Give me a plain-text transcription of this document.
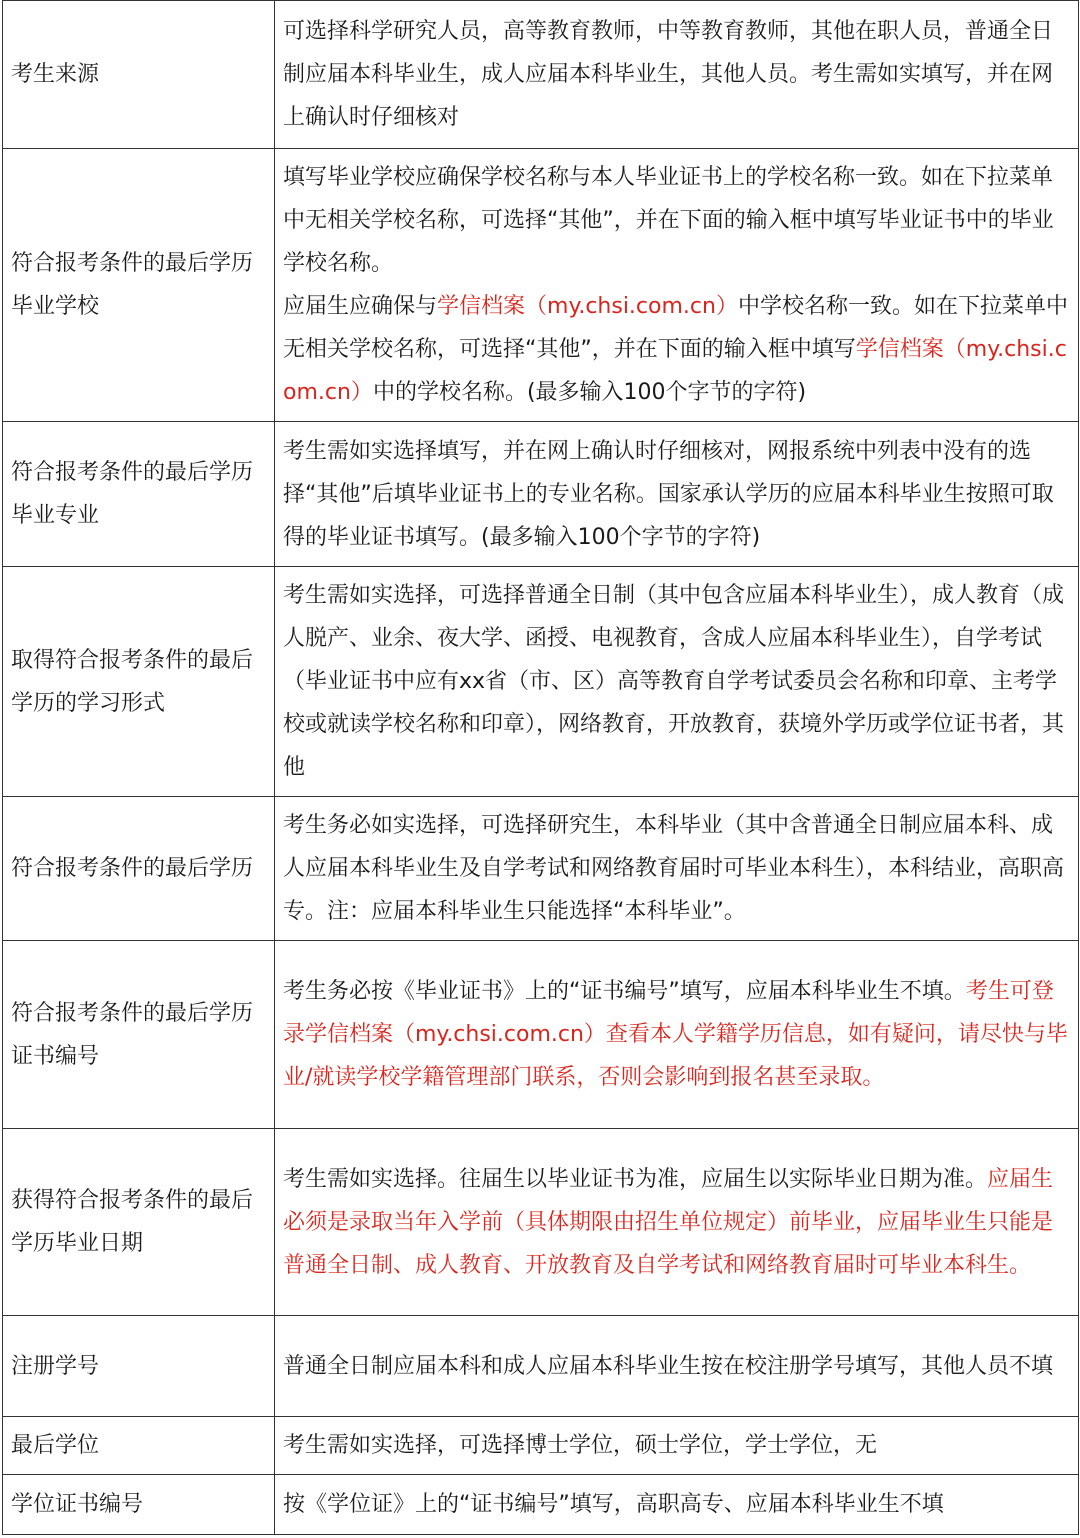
考生来源	可选择科学研究人员，高等教育教师，中等教育教师，其他在职人员，普通全日制应届本科毕业生，成人应届本科毕业生，其他人员。考生需如实填写，并在网上确认时仔细核对
符合报考条件的最后学历毕业学校	填写毕业学校应确保学校名称与本人毕业证书上的学校名称一致。如在下拉菜单中无相关学校名称，可选择“其他”，并在下面的输入框中填写毕业证书中的毕业学校名称。
应届生应确保与学信档案（my.chsi.com.cn）中学校名称一致。如在下拉菜单中无相关学校名称，可选择“其他”，并在下面的输入框中填写学信档案（my.chsi.com.cn）中的学校名称。(最多输入100个字节的字符)
符合报考条件的最后学历毕业专业	考生需如实选择填写，并在网上确认时仔细核对，网报系统中列表中没有的选择“其他”后填毕业证书上的专业名称。国家承认学历的应届本科毕业生按照可取得的毕业证书填写。(最多输入100个字节的字符)
取得符合报考条件的最后学历的学习形式	考生需如实选择，可选择普通全日制（其中包含应届本科毕业生），成人教育（成人脱产、业余、夜大学、函授、电视教育，含成人应届本科毕业生），自学考试（毕业证书中应有xx省（市、区）高等教育自学考试委员会名称和印章、主考学校或就读学校名称和印章），网络教育，开放教育，获境外学历或学位证书者，其他
符合报考条件的最后学历	考生务必如实选择，可选择研究生，本科毕业（其中含普通全日制应届本科、成人应届本科毕业生及自学考试和网络教育届时可毕业本科生），本科结业，高职高专。注：应届本科毕业生只能选择“本科毕业”。
符合报考条件的最后学历证书编号	考生务必按《毕业证书》上的“证书编号”填写，应届本科毕业生不填。考生可登录学信档案（my.chsi.com.cn）查看本人学籍学历信息，如有疑问，请尽快与毕业/就读学校学籍管理部门联系，否则会影响到报名甚至录取。
获得符合报考条件的最后学历毕业日期	考生需如实选择。往届生以毕业证书为准，应届生以实际毕业日期为准。应届生必须是录取当年入学前（具体期限由招生单位规定）前毕业，应届毕业生只能是普通全日制、成人教育、开放教育及自学考试和网络教育届时可毕业本科生。
注册学号	普通全日制应届本科和成人应届本科毕业生按在校注册学号填写，其他人员不填
最后学位	考生需如实选择，可选择博士学位，硕士学位，学士学位，无
学位证书编号	按《学位证》上的“证书编号”填写，高职高专、应届本科毕业生不填
